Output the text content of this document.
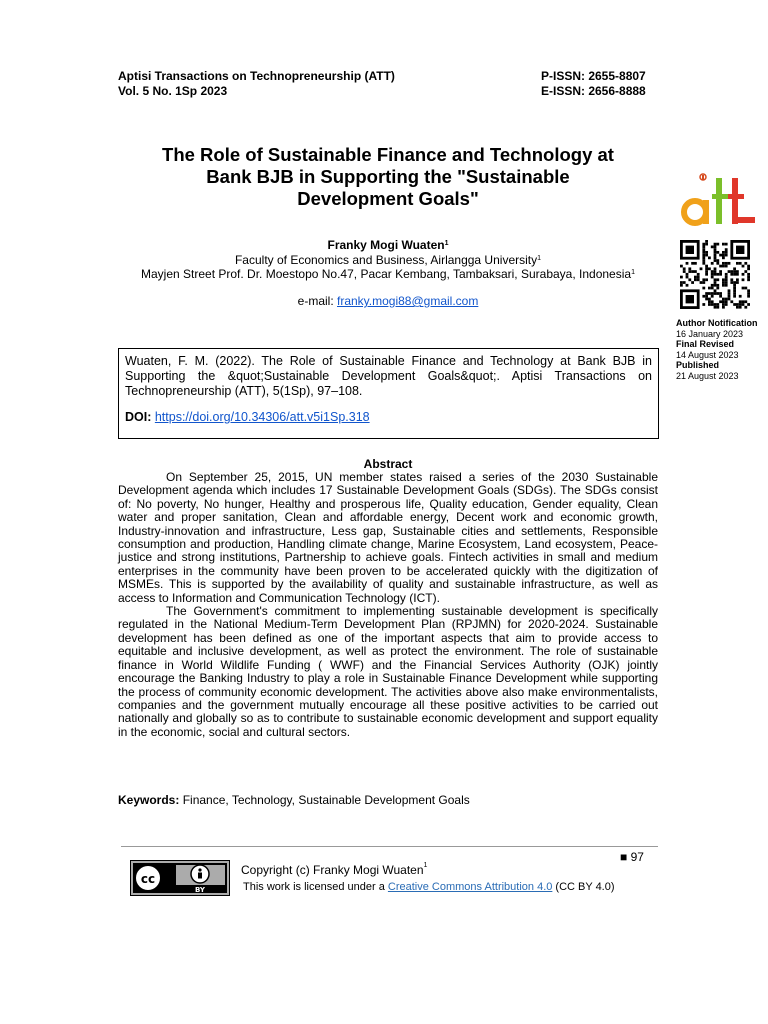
Aptisi Transactions on Technopreneurship (ATT)
Vol. 5 No. 1Sp 2023
P-ISSN: 2655-8807
E-ISSN: 2656-8888
The Role of Sustainable Finance and Technology at
Bank BJB in Supporting the "Sustainable
Development Goals"
att
Author Notification
16 January 2023
Final Revised
14 August 2023
Published
21 August 2023
Franky Mogi Wuaten$^1$
Faculty of Economics and Business, Airlangga University$^1$
Mayjen Street Prof. Dr. Moestopo No.47, Pacar Kembang, Tambaksari, Surabaya, Indonesia$^1$
e-mail: franky.mogi88@gmail.com
Wuaten, F. M. (2022). The Role of Sustainable Finance and Technology at Bank BJB in Supporting the &quot;Sustainable Development Goals&quot;. Aptisi Transactions on Technopreneurship (ATT), 5(1Sp), 97–108.
DOI: https://doi.org/10.34306/att.v5i1Sp.318
Abstract

On September 25, 2015, UN member states raised a series of the 2030 Sustainable Development agenda which includes 17 Sustainable Development Goals (SDGs). The SDGs consist of: No poverty, No hunger, Healthy and prosperous life, Quality education, Gender equality, Clean water and proper sanitation, Clean and affordable energy, Decent work and economic growth, Industry-innovation and infrastructure, Less gap, Sustainable cities and settlements, Responsible consumption and production, Handling climate change, Marine Ecosystem, Land ecosystem, Peace-justice and strong institutions, Partnership to achieve goals. Fintech activities in small and medium enterprises in the community have been proven to be accelerated quickly with the digitization of MSMEs. This is supported by the availability of quality and sustainable infrastructure, as well as access to Information and Communication Technology (ICT).

The Government's commitment to implementing sustainable development is specifically regulated in the National Medium-Term Development Plan (RPJMN) for 2020-2024. Sustainable development has been defined as one of the important aspects that aim to provide access to equitable and inclusive development, as well as protect the environment. The role of sustainable finance in World Wildlife Funding ( WWF) and the Financial Services Authority (OJK) jointly encourage the Banking Industry to play a role in Sustainable Finance Development while supporting the process of community economic development. The activities above also make environmentalists, companies and the government mutually encourage all these positive activities to be carried out nationally and globally so as to contribute to sustainable economic development and support equality in the economic, social and cultural sectors.

Keywords: Finance, Technology, Sustainable Development Goals
■ 97
cc
BY
Copyright (c) Franky Mogi Wuaten$^1$
This work is licensed under a Creative Commons Attribution 4.0 (CC BY 4.0)
